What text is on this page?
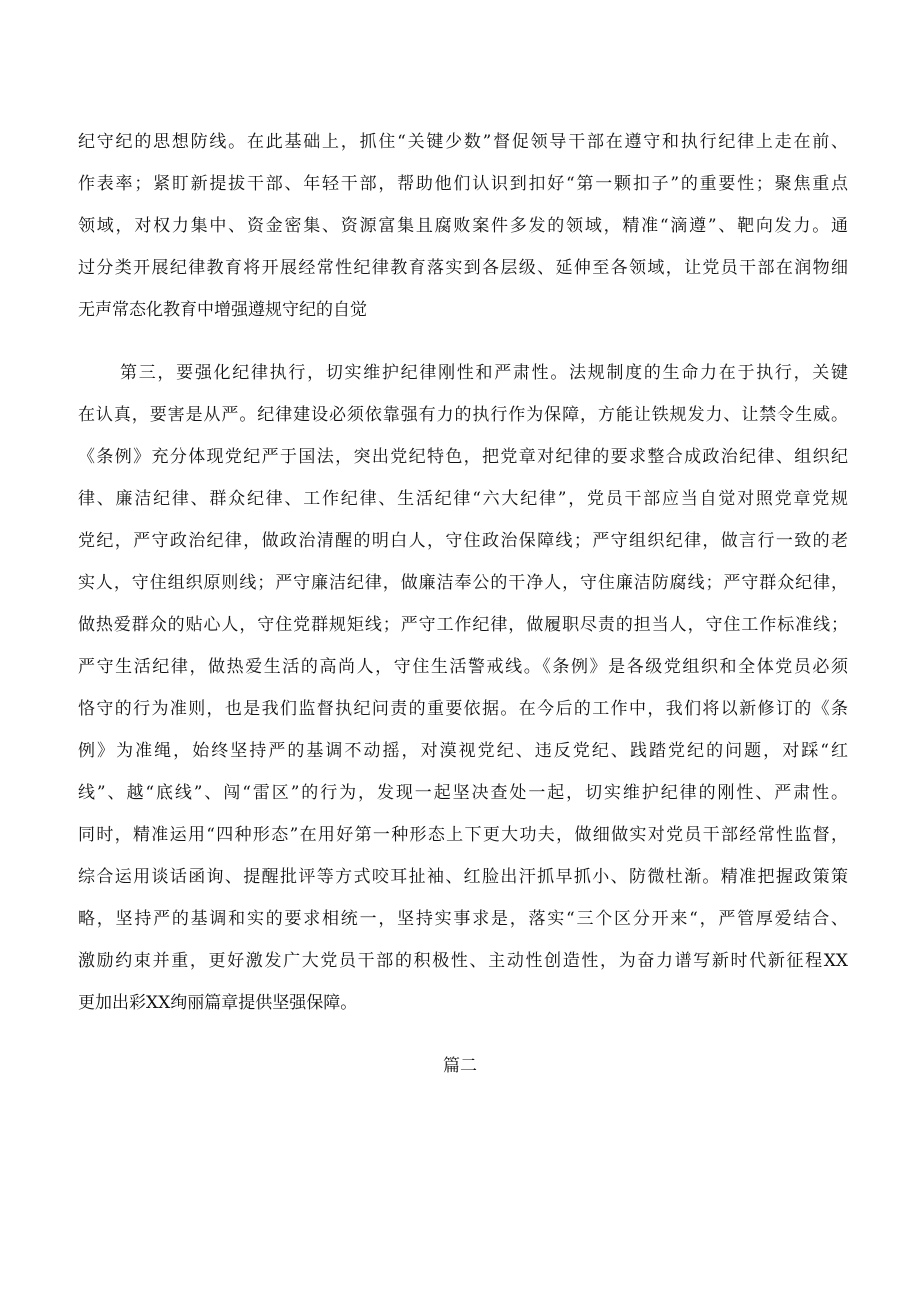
纪守纪的思想防线。在此基础上，抓住“关键少数”督促领导干部在遵守和执行纪律上走在前、
作表率；紧盯新提拔干部、年轻干部，帮助他们认识到扣好“第一颗扣子”的重要性；聚焦重点
领域，对权力集中、资金密集、资源富集且腐败案件多发的领域，精准“滴遵”、靶向发力。通
过分类开展纪律教育将开展经常性纪律教育落实到各层级、延伸至各领域，让党员干部在润物细
无声常态化教育中增强遵规守纪的自觉
第三，要强化纪律执行，切实维护纪律刚性和严肃性。法规制度的生命力在于执行，关键
在认真，要害是从严。纪律建设必须依靠强有力的执行作为保障，方能让铁规发力、让禁令生威。
《条例》充分体现党纪严于国法，突出党纪特色，把党章对纪律的要求整合成政治纪律、组织纪
律、廉洁纪律、群众纪律、工作纪律、生活纪律“六大纪律”，党员干部应当自觉对照党章党规
党纪，严守政治纪律，做政治清醒的明白人，守住政治保障线；严守组织纪律，做言行一致的老
实人，守住组织原则线；严守廉洁纪律，做廉洁奉公的干净人，守住廉洁防腐线；严守群众纪律，
做热爱群众的贴心人，守住党群规矩线；严守工作纪律，做履职尽责的担当人，守住工作标准线；
严守生活纪律，做热爱生活的高尚人，守住生活警戒线。《条例》是各级党组织和全体党员必须
恪守的行为准则，也是我们监督执纪问责的重要依据。在今后的工作中，我们将以新修订的《条
例》为准绳，始终坚持严的基调不动摇，对漠视党纪、违反党纪、践踏党纪的问题，对踩“红
线”、越“底线”、闯“雷区”的行为，发现一起坚决查处一起，切实维护纪律的刚性、严肃性。
同时，精准运用“四种形态”在用好第一种形态上下更大功夫，做细做实对党员干部经常性监督，
综合运用谈话函询、提醒批评等方式咬耳扯袖、红脸出汗抓早抓小、防微杜渐。精准把握政策策
略，坚持严的基调和实的要求相统一，坚持实事求是，落实“三个区分开来“，严管厚爱结合、
激励约束并重，更好激发广大党员干部的积极性、主动性创造性，为奋力谱写新时代新征程XX
更加出彩XX绚丽篇章提供坚强保障。
篇二
